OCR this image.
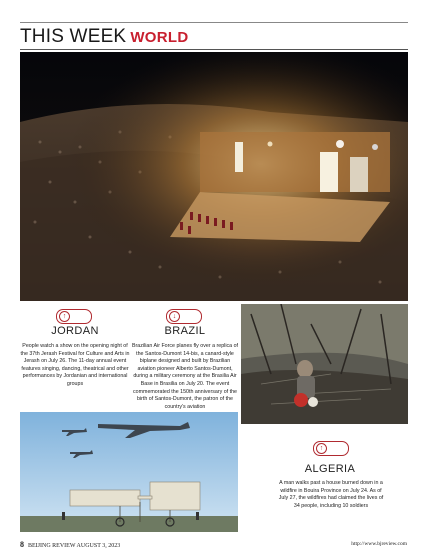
THIS WEEK WORLD
↑
JORDAN
People watch a show on the opening night of the 37th Jerash Festival for Culture and Arts in Jerash on July 26. The 11-day annual event features singing, dancing, theatrical and other performances by Jordanian and international groups
↓
BRAZIL
Brazilian Air Force planes fly over a replica of the Santos-Dumont 14-bis, a canard-style biplane designed and built by Brazilian aviation pioneer Alberto Santos-Dumont, during a military ceremony at the Brasilia Air Base in Brasilia on July 20. The event commemorated the 150th anniversary of the birth of Santos-Dumont, the patron of the country's aviation
↑
ALGERIA
A man walks past a house burned down in a wildfire in Bouira Province on July 24. As of July 27, the wildfires had claimed the lives of 34 people, including 10 soldiers
8 BEIJING REVIEW AUGUST 3, 2023	http://www.bjreview.com
